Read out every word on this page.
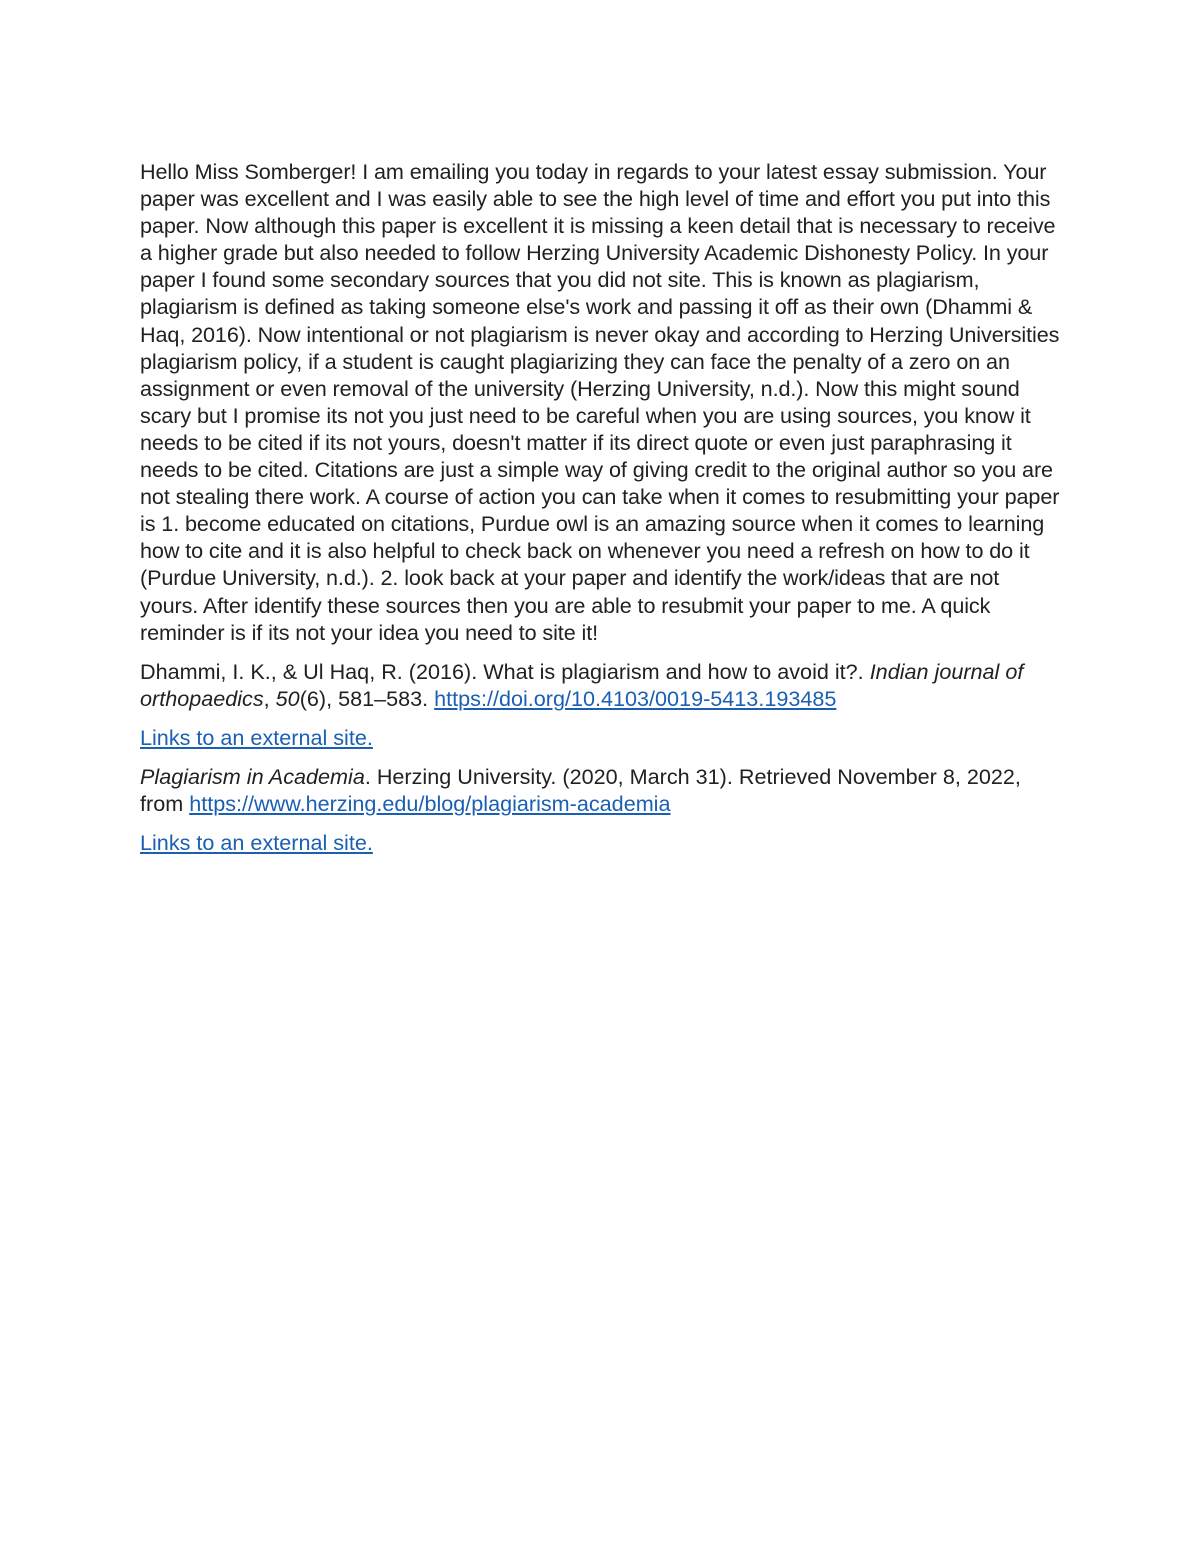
Hello Miss Somberger! I am emailing you today in regards to your latest essay submission. Your paper was excellent and I was easily able to see the high level of time and effort you put into this paper. Now although this paper is excellent it is missing a keen detail that is necessary to receive a higher grade but also needed to follow Herzing University Academic Dishonesty Policy. In your paper I found some secondary sources that you did not site. This is known as plagiarism, plagiarism is defined as taking someone else's work and passing it off as their own (Dhammi & Haq, 2016). Now intentional or not plagiarism is never okay and according to Herzing Universities plagiarism policy, if a student is caught plagiarizing they can face the penalty of a zero on an assignment or even removal of the university (Herzing University, n.d.). Now this might sound scary but I promise its not you just need to be careful when you are using sources, you know it needs to be cited if its not yours, doesn't matter if its direct quote or even just paraphrasing it needs to be cited. Citations are just a simple way of giving credit to the original author so you are not stealing there work. A course of action you can take when it comes to resubmitting your paper is 1. become educated on citations, Purdue owl is an amazing source when it comes to learning how to cite and it is also helpful to check back on whenever you need a refresh on how to do it (Purdue University, n.d.). 2. look back at your paper and identify the work/ideas that are not yours. After identify these sources then you are able to resubmit your paper to me. A quick reminder is if its not your idea you need to site it!

Dhammi, I. K., & Ul Haq, R. (2016). What is plagiarism and how to avoid it?. Indian journal of orthopaedics, 50(6), 581–583. https://doi.org/10.4103/0019-5413.193485

Links to an external site.

Plagiarism in Academia. Herzing University. (2020, March 31). Retrieved November 8, 2022, from https://www.herzing.edu/blog/plagiarism-academia

Links to an external site.
